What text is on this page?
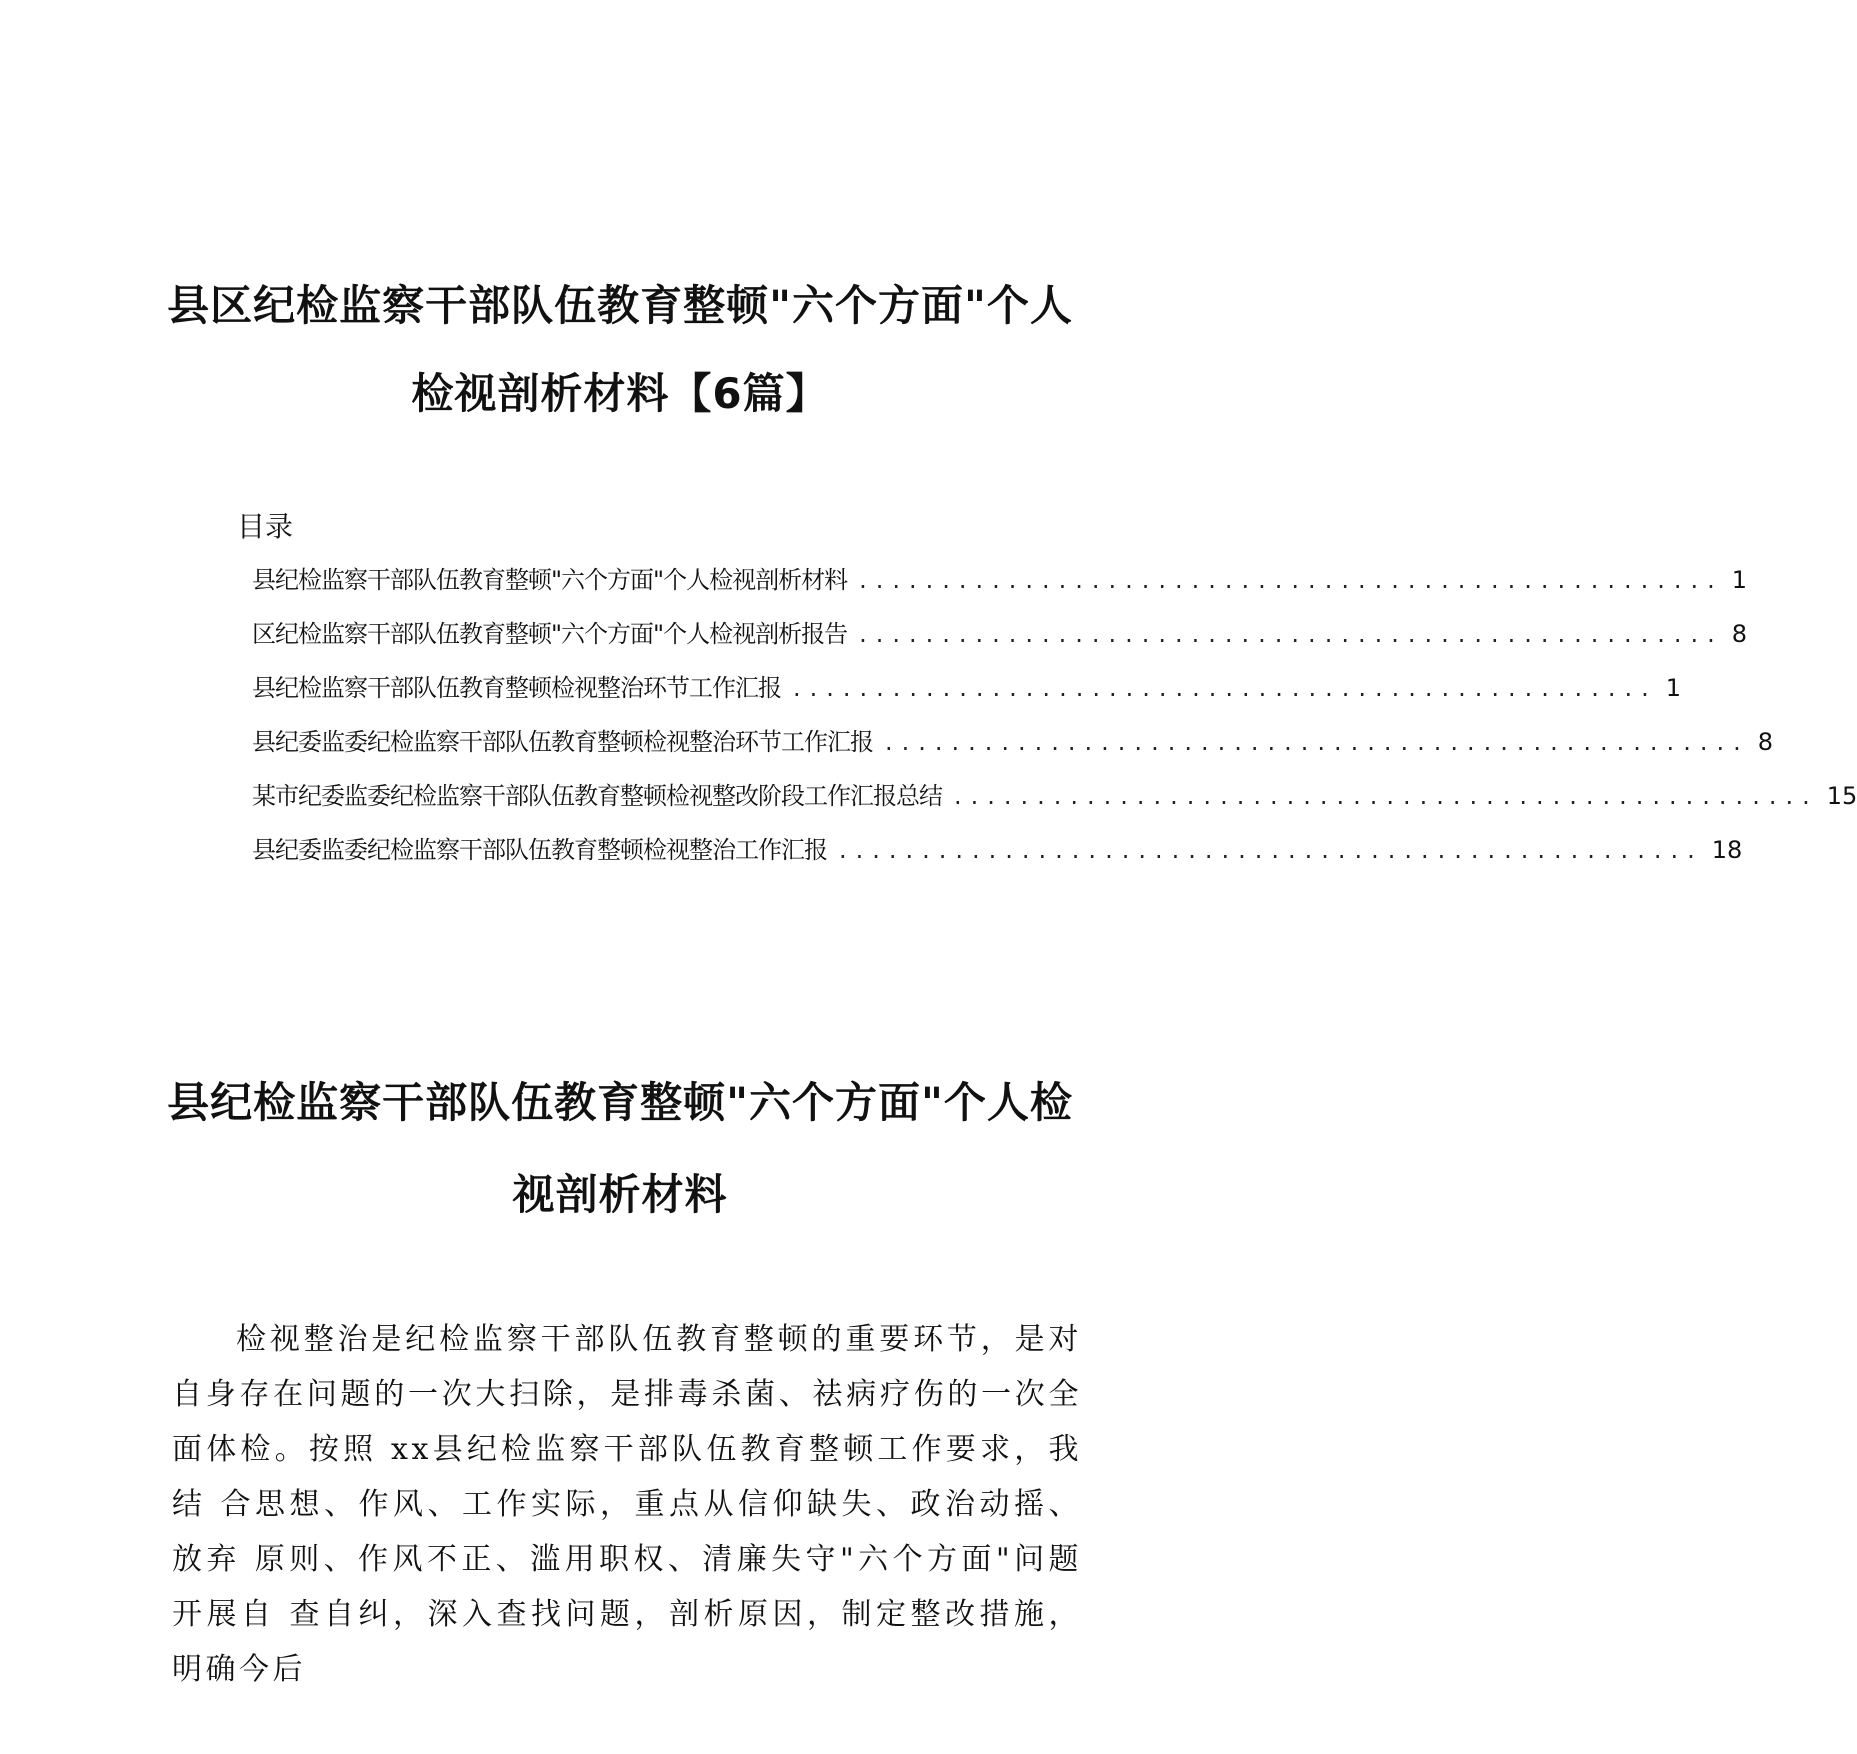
县区纪检监察干部队伍教育整顿"六个方面"个人检视剖析材料【6篇】
目录
县纪检监察干部队伍教育整顿"六个方面"个人检视剖析材料 .................................................... 1
区纪检监察干部队伍教育整顿"六个方面"个人检视剖析报告 .................................................... 8
县纪检监察干部队伍教育整顿检视整治环节工作汇报 .................................................... 1
县纪委监委纪检监察干部队伍教育整顿检视整治环节工作汇报 .................................................... 8
某市纪委监委纪检监察干部队伍教育整顿检视整改阶段工作汇报总结 .................................................... 15
县纪委监委纪检监察干部队伍教育整顿检视整治工作汇报 .................................................... 18
县纪检监察干部队伍教育整顿"六个方面"个人检视剖析材料

检视整治是纪检监察干部队伍教育整顿的重要环节，是对自身存在问题的一次大扫除，是排毒杀菌、祛病疗伤的一次全面体检。按照 xx县纪检监察干部队伍教育整顿工作要求，我结 合思想、作风、工作实际，重点从信仰缺失、政治动摇、放弃 原则、作风不正、滥用职权、清廉失守"六个方面"问题开展自 查自纠，深入查找问题，剖析原因，制定整改措施，明确今后
